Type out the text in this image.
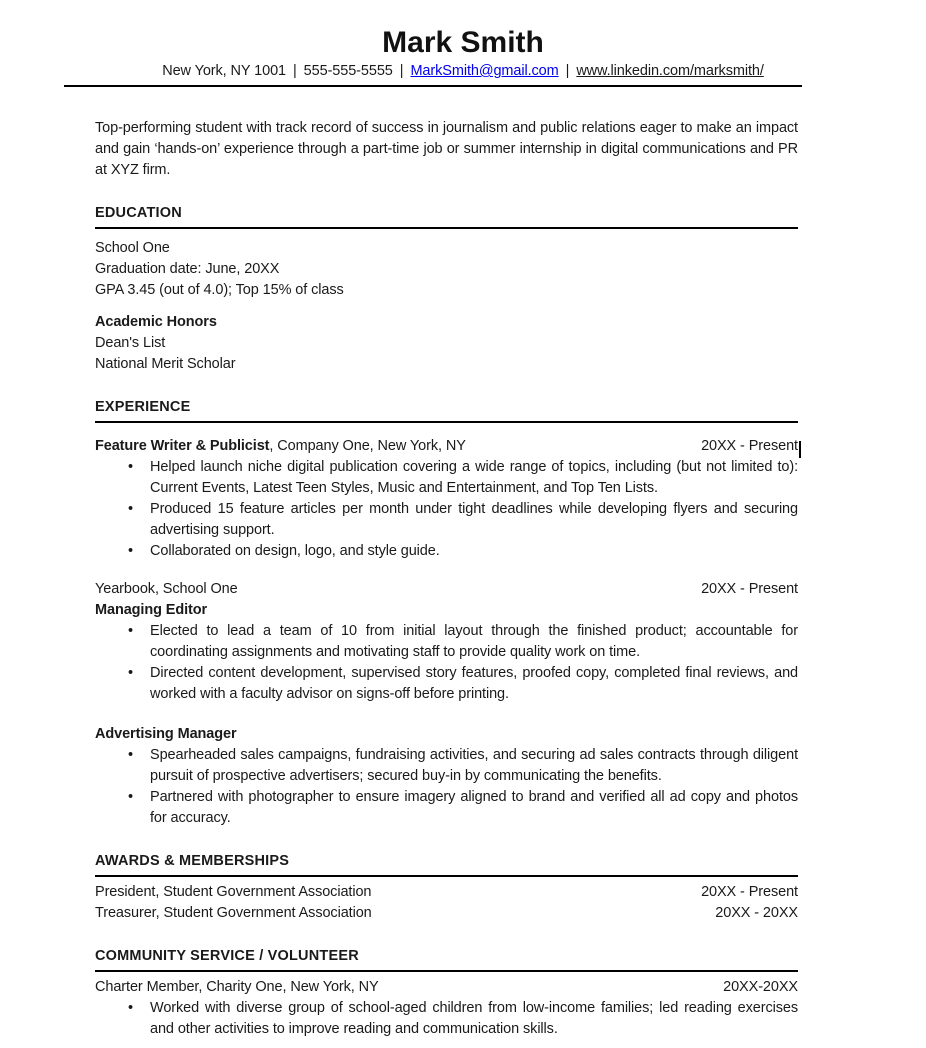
Mark Smith
New York, NY 1001 | 555-555-5555 | MarkSmith@gmail.com | www.linkedin.com/marksmith/

Top-performing student with track record of success in journalism and public relations eager to make an impact and gain ‘hands-on’ experience through a part-time job or summer internship in digital communications and PR at XYZ firm.

EDUCATION
School One
Graduation date: June, 20XX
GPA 3.45 (out of 4.0); Top 15% of class
Academic Honors
Dean's List
National Merit Scholar
EXPERIENCE
Feature Writer & Publicist, Company One, New York, NY	20XX - Present
• Helped launch niche digital publication covering a wide range of topics, including (but not limited to): Current Events, Latest Teen Styles, Music and Entertainment, and Top Ten Lists.
• Produced 15 feature articles per month under tight deadlines while developing flyers and securing advertising support.
• Collaborated on design, logo, and style guide.
Yearbook, School One	20XX - Present
Managing Editor
• Elected to lead a team of 10 from initial layout through the finished product; accountable for coordinating assignments and motivating staff to provide quality work on time.
• Directed content development, supervised story features, proofed copy, completed final reviews, and worked with a faculty advisor on signs-off before printing.
Advertising Manager
• Spearheaded sales campaigns, fundraising activities, and securing ad sales contracts through diligent pursuit of prospective advertisers; secured buy-in by communicating the benefits.
• Partnered with photographer to ensure imagery aligned to brand and verified all ad copy and photos for accuracy.
AWARDS & MEMBERSHIPS
President, Student Government Association	20XX - Present
Treasurer, Student Government Association	20XX - 20XX
COMMUNITY SERVICE / VOLUNTEER
Charter Member, Charity One, New York, NY	20XX-20XX
• Worked with diverse group of school-aged children from low-income families; led reading exercises and other activities to improve reading and communication skills.
